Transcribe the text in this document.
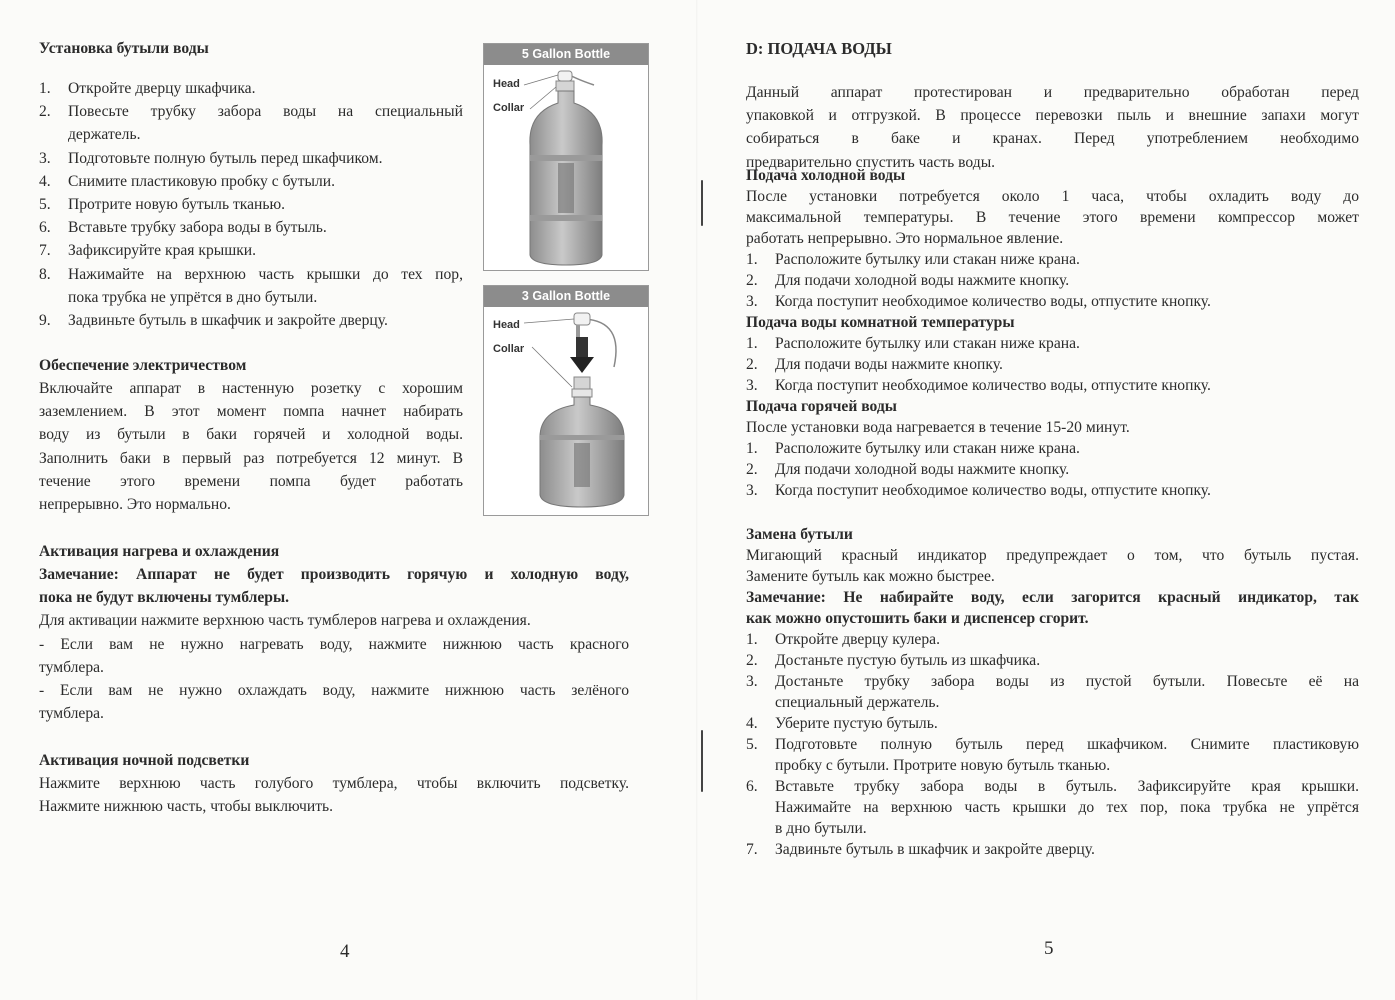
Установка бутыли воды
1. Откройте дверцу шкафчика.
2. Повесьте трубку забора воды на специальный
держатель.
3. Подготовьте полную бутыль перед шкафчиком.
4. Снимите пластиковую пробку с бутыли.
5. Протрите новую бутыль тканью.
6. Вставьте трубку забора воды в бутыль.
7. Зафиксируйте края крышки.
8. Нажимайте на верхнюю часть крышки до тех пор,
пока трубка не упрётся в дно бутыли.
9. Задвиньте бутыль в шкафчик и закройте дверцу.
5 Gallon Bottle
Head
Collar
3 Gallon Bottle
Head
Collar
Обеспечение электричеством
Включайте аппарат в настенную розетку с хорошим
заземлением. В этот момент помпа начнет набирать
воду из бутыли в баки горячей и холодной воды.
Заполнить баки в первый раз потребуется 12 минут. В
течение этого времени помпа будет работать
непрерывно. Это нормально.
Активация нагрева и охлаждения
Замечание: Аппарат не будет производить горячую и холодную воду,
пока не будут включены тумблеры.
Для активации нажмите верхнюю часть тумблеров нагрева и охлаждения.
- Если вам не нужно нагревать воду, нажмите нижнюю часть красного
тумблера.
- Если вам не нужно охлаждать воду, нажмите нижнюю часть зелёного
тумблера.
Активация ночной подсветки
Нажмите верхнюю часть голубого тумблера, чтобы включить подсветку.
Нажмите нижнюю часть, чтобы выключить.
4
D: ПОДАЧА ВОДЫ
Данный аппарат протестирован и предварительно обработан перед
упаковкой и отгрузкой. В процессе перевозки пыль и внешние запахи могут
собираться в баке и кранах. Перед употреблением необходимо
предварительно спустить часть воды.
Подача холодной воды
После установки потребуется около 1 часа, чтобы охладить воду до
максимальной температуры. В течение этого времени компрессор может
работать непрерывно. Это нормальное явление.
1. Расположите бутылку или стакан ниже крана.
2. Для подачи холодной воды нажмите кнопку.
3. Когда поступит необходимое количество воды, отпустите кнопку.
Подача воды комнатной температуры
1. Расположите бутылку или стакан ниже крана.
2. Для подачи воды нажмите кнопку.
3. Когда поступит необходимое количество воды, отпустите кнопку.
Подача горячей воды
После установки вода нагревается в течение 15-20 минут.
1. Расположите бутылку или стакан ниже крана.
2. Для подачи холодной воды нажмите кнопку.
3. Когда поступит необходимое количество воды, отпустите кнопку.
Замена бутыли
Мигающий красный индикатор предупреждает о том, что бутыль пустая.
Замените бутыль как можно быстрее.
Замечание: Не набирайте воду, если загорится красный индикатор, так
как можно опустошить баки и диспенсер сгорит.
1. Откройте дверцу кулера.
2. Достаньте пустую бутыль из шкафчика.
3. Достаньте трубку забора воды из пустой бутыли. Повесьте её на
специальный держатель.
4. Уберите пустую бутыль.
5. Подготовьте полную бутыль перед шкафчиком. Снимите пластиковую
пробку с бутыли. Протрите новую бутыль тканью.
6. Вставьте трубку забора воды в бутыль. Зафиксируйте края крышки.
Нажимайте на верхнюю часть крышки до тех пор, пока трубка не упрётся
в дно бутыли.
7. Задвиньте бутыль в шкафчик и закройте дверцу.
5
